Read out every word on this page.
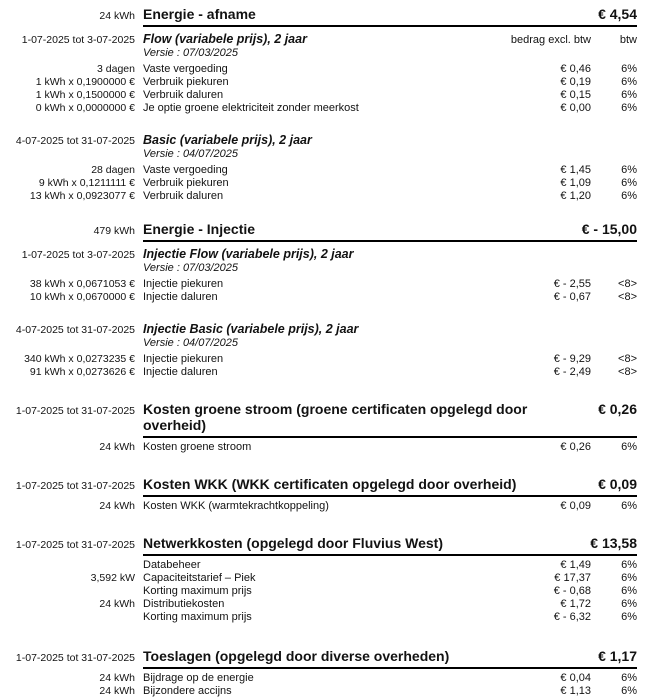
24 kWh Energie - afname	€ 4,54
1-07-2025 tot 3-07-2025 Flow (variabele prijs), 2 jaar	bedrag excl. btw	btw
Versie : 07/03/2025
3 dagen Vaste vergoeding	€ 0,46	6%
1 kWh x 0,1900000 € Verbruik piekuren	€ 0,19	6%
1 kWh x 0,1500000 € Verbruik daluren	€ 0,15	6%
0 kWh x 0,0000000 € Je optie groene elektriciteit zonder meerkost	€ 0,00	6%
4-07-2025 tot 31-07-2025 Basic (variabele prijs), 2 jaar
Versie : 04/07/2025
28 dagen Vaste vergoeding	€ 1,45	6%
9 kWh x 0,1211111 € Verbruik piekuren	€ 1,09	6%
13 kWh x 0,0923077 € Verbruik daluren	€ 1,20	6%
479 kWh Energie - Injectie	€ - 15,00
1-07-2025 tot 3-07-2025 Injectie Flow (variabele prijs), 2 jaar
Versie : 07/03/2025
38 kWh x 0,0671053 € Injectie piekuren	€ - 2,55	<8>
10 kWh x 0,0670000 € Injectie daluren	€ - 0,67	<8>
4-07-2025 tot 31-07-2025 Injectie Basic (variabele prijs), 2 jaar
Versie : 04/07/2025
340 kWh x 0,0273235 € Injectie piekuren	€ - 9,29	<8>
91 kWh x 0,0273626 € Injectie daluren	€ - 2,49	<8>
1-07-2025 tot 31-07-2025 Kosten groene stroom (groene certificaten opgelegd door overheid)
€ 0,26
24 kWh Kosten groene stroom	€ 0,26	6%
1-07-2025 tot 31-07-2025 Kosten WKK (WKK certificaten opgelegd door overheid)	€ 0,09
24 kWh Kosten WKK (warmtekrachtkoppeling)	€ 0,09	6%
1-07-2025 tot 31-07-2025 Netwerkkosten (opgelegd door Fluvius West)	€ 13,58
Databeheer	€ 1,49	6%
3,592 kW Capaciteitstarief – Piek	€ 17,37	6%
Korting maximum prijs	€ - 0,68	6%
24 kWh Distributiekosten	€ 1,72	6%
Korting maximum prijs	€ - 6,32	6%
1-07-2025 tot 31-07-2025 Toeslagen (opgelegd door diverse overheden)	€ 1,17
24 kWh Bijdrage op de energie	€ 0,04	6%
24 kWh Bijzondere accijns	€ 1,13	6%
